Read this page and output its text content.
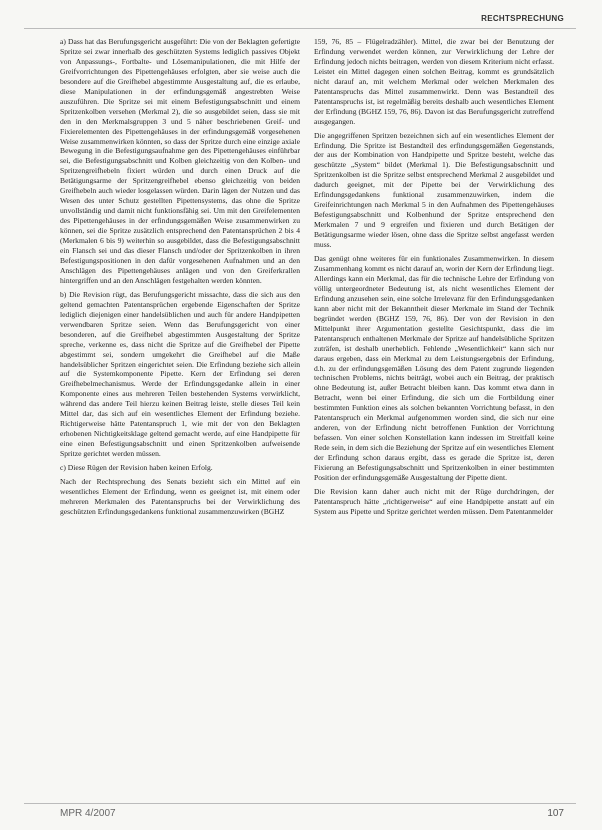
RECHTSPRECHUNG

a) Dass hat das Berufungsgericht ausgeführt: Die von der Beklagten gefertigte Spritze sei zwar innerhalb des geschützten Systems lediglich passives Objekt von Anpassungs-, Fortbalte- und Lösemanipulationen, die mit Hilfe der Greifvorrichtungen des Pipettengehäuses erfolgten, aber sie weise auch die besondere auf die Greifhebel abgestimmte Ausgestaltung auf, die es erlaube, diese Manipulationen in der erfindungsgemäß angestrebten Weise auszuführen. Die Spritze sei mit einem Befestigungsabschnitt und einem Spritzenkolben versehen (Merkmal 2), die so ausgebildet seien, dass sie mit den in den Merkmalsgruppen 3 und 5 näher beschriebenen Greif- und Fixierelementen des Pipettengehäuses in der erfindungsgemäß vorgesehenen Weise zusammenwirken könnten, so dass der Spritze durch eine einzige axiale Bewegung in die Befestigungsaufnahme gen des Pipettengehäuses einführbar sei, die Befestigungsabschnitt und Kolben gleichzeitig von den Kolben- und Spritzengreifhebeln fixiert würden und durch einen Druck auf die Betätigungsarme der Spritzengreifhebel ebenso gleichzeitig von beiden Greifhebeln auch wieder losgelassen würden. Darin lägen der Nutzen und das Wesen des unter Schutz gestellten Pipettensystems, das ohne die Spritze unvollständig und damit nicht funktionsfähig sei. Um mit den Greifelementen des Pipettengehäuses in der erfindungsgemäßen Weise zusammenwirken zu können, sei die Spritze zusätzlich entsprechend den Patentansprüchen 2 bis 4 (Merkmalen 6 bis 9) weiterhin so ausgebildet, dass die Befestigungsabschnitt ein Flansch sei und das dieser Flansch und/oder der Spritzenkolben in ihren Befestigungspositionen in den dafür vorgesehenen Aufnahmen und an den Anschlägen des Pipettengehäuses anlägen und von den Greiferkrallen hintergriffen und an den Anschlägen festgehalten werden könnten.

b) Die Revision rügt, das Berufungsgericht missachte, dass die sich aus den geltend gemachten Patentansprüchen ergebende Eigenschaften der Spritze lediglich diejenigen einer handelsüblichen und auch für andere Handpipetten verwendbaren Spritze seien. Wenn das Berufungsgericht von einer besonderen, auf die Greifhebel abgestimmten Ausgestaltung der Spritze spreche, verkenne es, dass nicht die Spritze auf die Greifhebel der Pipette abgestimmt sei, sondern umgekehrt die Greifhebel auf die Maße handelsüblicher Spritzen eingerichtet seien. Die Erfindung beziehe sich allein auf die Systemkomponente Pipette. Kern der Erfindung sei deren Greifhebelmechanismus. Werde der Erfindungsgedanke allein in einer Komponente eines aus mehreren Teilen bestehenden Systems verwirklicht, während das andere Teil hierzu keinen Beitrag leiste, stelle dieses Teil kein Mittel dar, das sich auf ein wesentliches Element der Erfindung beziehe. Richtigerweise hätte Patentanspruch 1, wie mit der von den Beklagten erhobenen Nichtigkeitsklage geltend gemacht werde, auf eine Handpipette für eine einen Befestigungsabschnitt und einen Spritzenkolben aufweisende Spritze gerichtet werden müssen.

c) Diese Rügen der Revision haben keinen Erfolg.

Nach der Rechtsprechung des Senats bezieht sich ein Mittel auf ein wesentliches Element der Erfindung, wenn es geeignet ist, mit einem oder mehreren Merkmalen des Patentanspruchs bei der Verwirklichung des geschützten Erfindungsgedankens funktional zusammenzuwirken (BGHZ

159, 76, 85 – Flügelradzähler). Mittel, die zwar bei der Benutzung der Erfindung verwendet werden können, zur Verwirklichung der Lehre der Erfindung jedoch nichts beitragen, werden von diesem Kriterium nicht erfasst. Leistet ein Mittel dagegen einen solchen Beitrag, kommt es grundsätzlich nicht darauf an, mit welchem Merkmal oder welchen Merkmalen des Patentanspruchs das Mittel zusammenwirkt. Denn was Bestandteil des Patentanspruchs ist, ist regelmäßig bereits deshalb auch wesentliches Element der Erfindung (BGHZ 159, 76, 86). Davon ist das Berufungsgericht zutreffend ausgegangen.

Die angegriffenen Spritzen bezeichnen sich auf ein wesentliches Element der Erfindung. Die Spritze ist Bestandteil des erfindungsgemäßen Gegenstands, der aus der Kombination von Handpipette und Spritze besteht, welche das geschützte „System“ bildet (Merkmal 1). Die Befestigungsabschnitt und Spritzenkolben ist die Spritze selbst entsprechend Merkmal 2 ausgebildet und dadurch geeignet, mit der Pipette bei der Verwirklichung des Erfindungsgedankens funktional zusammenzuwirken, indem die Greifeinrichtungen nach Merkmal 5 in den Aufnahmen des Pipettengehäuses Befestigungsabschnitt und Kolbenhund der Spritze entsprechend den Merkmalen 7 und 9 ergreifen und fixieren und durch Betätigen der Betätigungsarme wieder lösen, ohne dass die Spritze selbst angefasst werden muss.

Das genügt ohne weiteres für ein funktionales Zusammenwirken. In diesem Zusammenhang kommt es nicht darauf an, worin der Kern der Erfindung liegt. Allerdings kann ein Merkmal, das für die technische Lehre der Erfindung von völlig untergeordneter Bedeutung ist, als nicht wesentliches Element der Erfindung anzusehen sein, eine solche Irrelevanz für den Erfindungsgedanken kann aber nicht mit der Bekanntheit dieser Merkmale im Stand der Technik begründet werden (BGHZ 159, 76, 86). Der von der Revision in den Mittelpunkt ihrer Argumentation gestellte Gesichtspunkt, dass die im Patentanspruch enthaltenen Merkmale der Spritze auf handelsübliche Spritzen zuträfen, ist deshalb unerheblich. Fehlende „Wesentlichkeit“ kann sich nur daraus ergeben, dass ein Merkmal zu dem Leistungsergebnis der Erfindung, d.h. zu der erfindungsgemäßen Lösung des dem Patent zugrunde liegenden technischen Problems, nichts beiträgt, wobei auch ein Beitrag, der praktisch ohne Bedeutung ist, außer Betracht bleiben kann. Das kommt etwa dann in Betracht, wenn bei einer Erfindung, die sich um die Fortbildung einer bestimmten Funktion eines als solchen bekannten Vorrichtung befasst, in den Patentanspruch ein Merkmal aufgenommen worden sind, die sich nur eine anderen, von der Erfindung nicht betroffenen Funktion der Vorrichtung befassen. Von einer solchen Konstellation kann indessen im Streitfall keine Rede sein, in dem sich die Beziehung der Spritze auf ein wesentliches Element der Erfindung schon daraus ergibt, dass es gerade die Spritze ist, deren Fixierung an Befestigungsabschnitt und Spritzenkolben in einer bestimmten Position der erfindungsgemäße Ausgestaltung der Pipette dient.

Die Revision kann daher auch nicht mit der Rüge durchdringen, der Patentanspruch hätte „richtigerweise“ auf eine Handpipette anstatt auf ein System aus Pipette und Spritze gerichtet werden müssen. Dem Patentanmelder

MPR 4/2007	107
